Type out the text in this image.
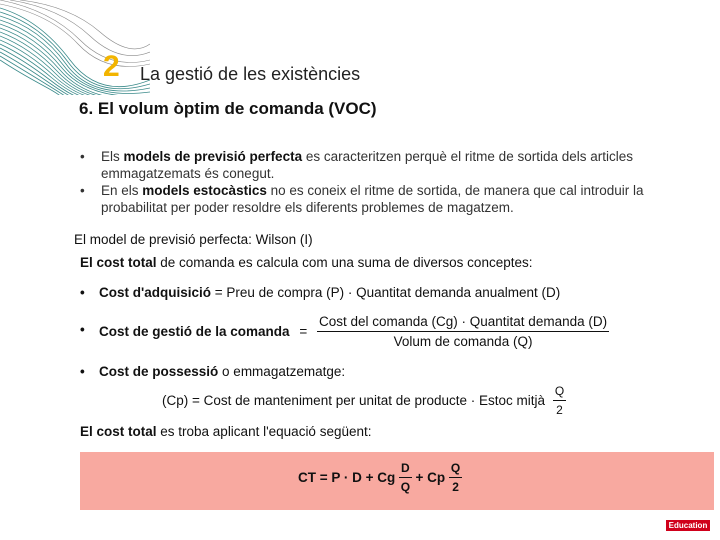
2 La gestió de les existències
6. El volum òptim de comanda (VOC)
• Els models de previsió perfecta es caracteritzen perquè el ritme de sortida dels articles emmagatzemats és conegut.
• En els models estocàstics no es coneix el ritme de sortida, de manera que cal introduir la probabilitat per poder resoldre els diferents problemes de magatzem.
El model de previsió perfecta: Wilson (I)
El cost total de comanda es calcula com una suma de diversos conceptes:
• Cost d'adquisició = Preu de compra (P) · Quantitat demanda anualment (D)
• Cost de gestió de la comanda = $\frac{\text{Cost del comanda (Cg) · Quantitat demanda (D)}}{\text{Volum de comanda (Q)}}$
• Cost de possessió o emmagatzematge:
(Cp) = Cost de manteniment per unitat de producte · Estoc mitjà $\frac{Q}{2}$
El cost total es troba aplicant l'equació següent:
CT = P · D + Cg $\frac{D}{Q} + Cp \frac{Q}{2}$
Education
